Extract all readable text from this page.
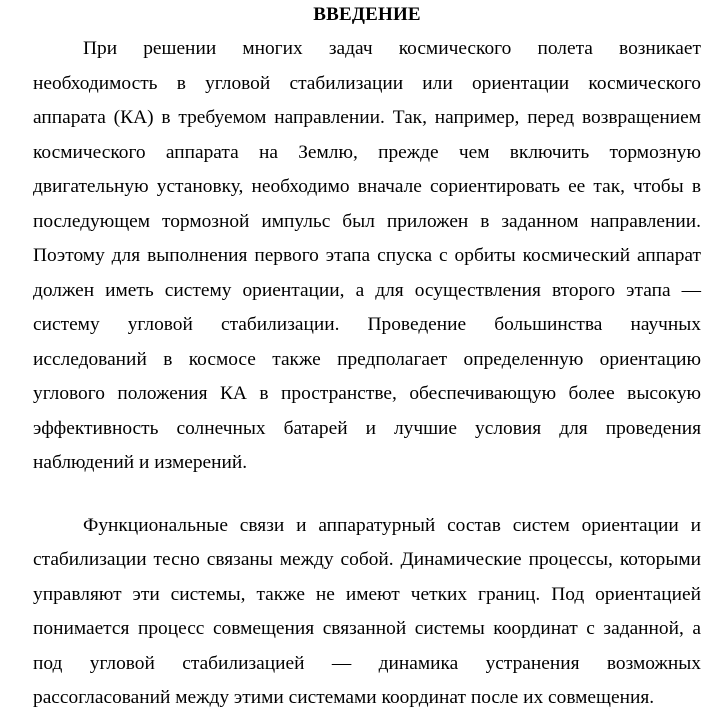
ВВЕДЕНИЕ
При решении многих задач космического полета возникает
необходимость в угловой стабилизации или ориентации космического
аппарата (КА) в требуемом направлении. Так, например, перед возвращением
космического аппарата на Землю, прежде чем включить тормозную
двигательную установку, необходимо вначале сориентировать ее так, чтобы в
последующем тормозной импульс был приложен в заданном направлении.
Поэтому для выполнения первого этапа спуска с орбиты космический аппарат
должен иметь систему ориентации, а для осуществления второго этапа —
систему угловой стабилизации. Проведение большинства научных
исследований в космосе также предполагает определенную ориентацию
углового положения КА в пространстве, обеспечивающую более высокую
эффективность солнечных батарей и лучшие условия для проведения
наблюдений и измерений.
Функциональные связи и аппаратурный состав систем ориентации и
стабилизации тесно связаны между собой. Динамические процессы, которыми
управляют эти системы, также не имеют четких границ. Под ориентацией
понимается процесс совмещения связанной системы координат с заданной, а
под угловой стабилизацией — динамика устранения возможных
рассогласований между этими системами координат после их совмещения.
